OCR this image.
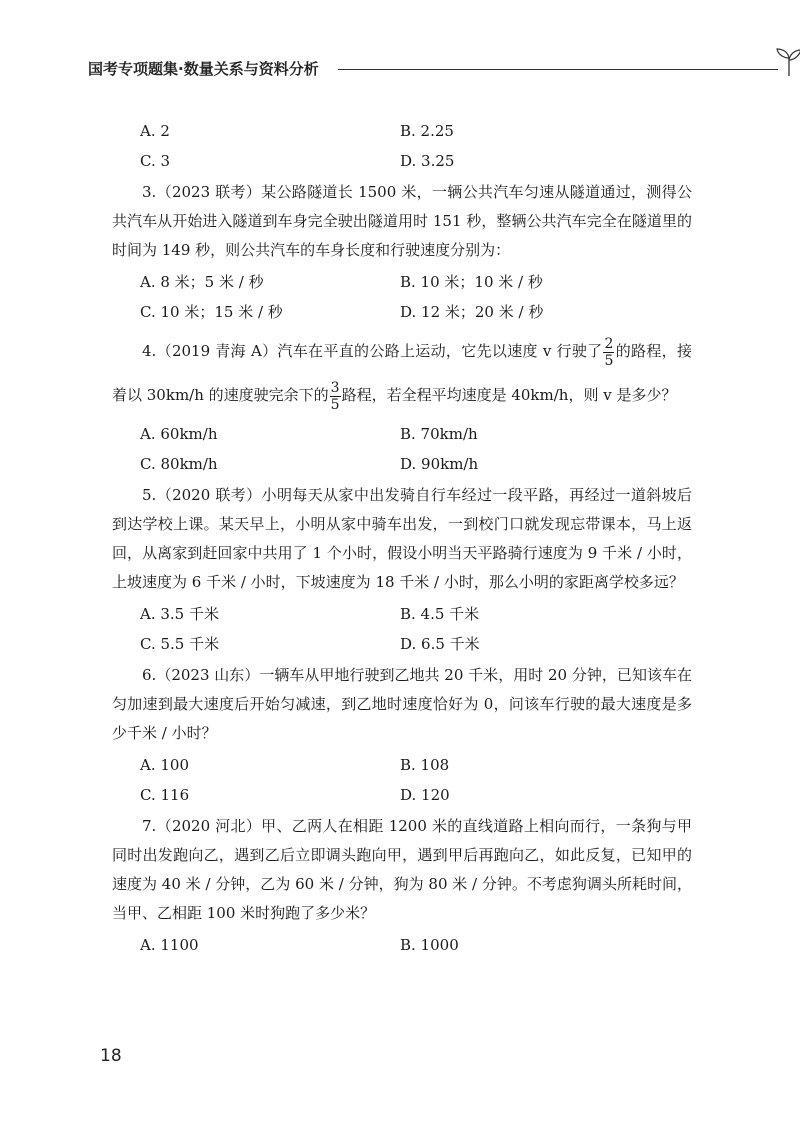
国考专项题集·数量关系与资料分析
A. 2	B. 2.25
C. 3	D. 3.25

3.（2023 联考）某公路隧道长 1500 米，一辆公共汽车匀速从隧道通过，测得公共汽车从开始进入隧道到车身完全驶出隧道用时 151 秒，整辆公共汽车完全在隧道里的时间为 149 秒，则公共汽车的车身长度和行驶速度分别为：

A. 8 米；5 米 / 秒	B. 10 米；10 米 / 秒
C. 10 米；15 米 / 秒	D. 12 米；20 米 / 秒

4.（2019 青海 A）汽车在平直的公路上运动，它先以速度 v 行驶了 $\frac{2}{5}$ 的路程，接着以 30km/h 的速度驶完余下的 $\frac{3}{5}$ 路程，若全程平均速度是 40km/h，则 v 是多少？

A. 60km/h	B. 70km/h
C. 80km/h	D. 90km/h

5.（2020 联考）小明每天从家中出发骑自行车经过一段平路，再经过一道斜坡后到达学校上课。某天早上，小明从家中骑车出发，一到校门口就发现忘带课本，马上返回，从离家到赶回家中共用了 1 个小时，假设小明当天平路骑行速度为 9 千米 / 小时，上坡速度为 6 千米 / 小时，下坡速度为 18 千米 / 小时，那么小明的家距离学校多远？

A. 3.5 千米	B. 4.5 千米
C. 5.5 千米	D. 6.5 千米

6.（2023 山东）一辆车从甲地行驶到乙地共 20 千米，用时 20 分钟，已知该车在匀加速到最大速度后开始匀减速，到乙地时速度恰好为 0，问该车行驶的最大速度是多少千米 / 小时？

A. 100	B. 108
C. 116	D. 120

7.（2020 河北）甲、乙两人在相距 1200 米的直线道路上相向而行，一条狗与甲同时出发跑向乙，遇到乙后立即调头跑向甲，遇到甲后再跑向乙，如此反复，已知甲的速度为 40 米 / 分钟，乙为 60 米 / 分钟，狗为 80 米 / 分钟。不考虑狗调头所耗时间，当甲、乙相距 100 米时狗跑了多少米？

A. 1100	B. 1000
18
